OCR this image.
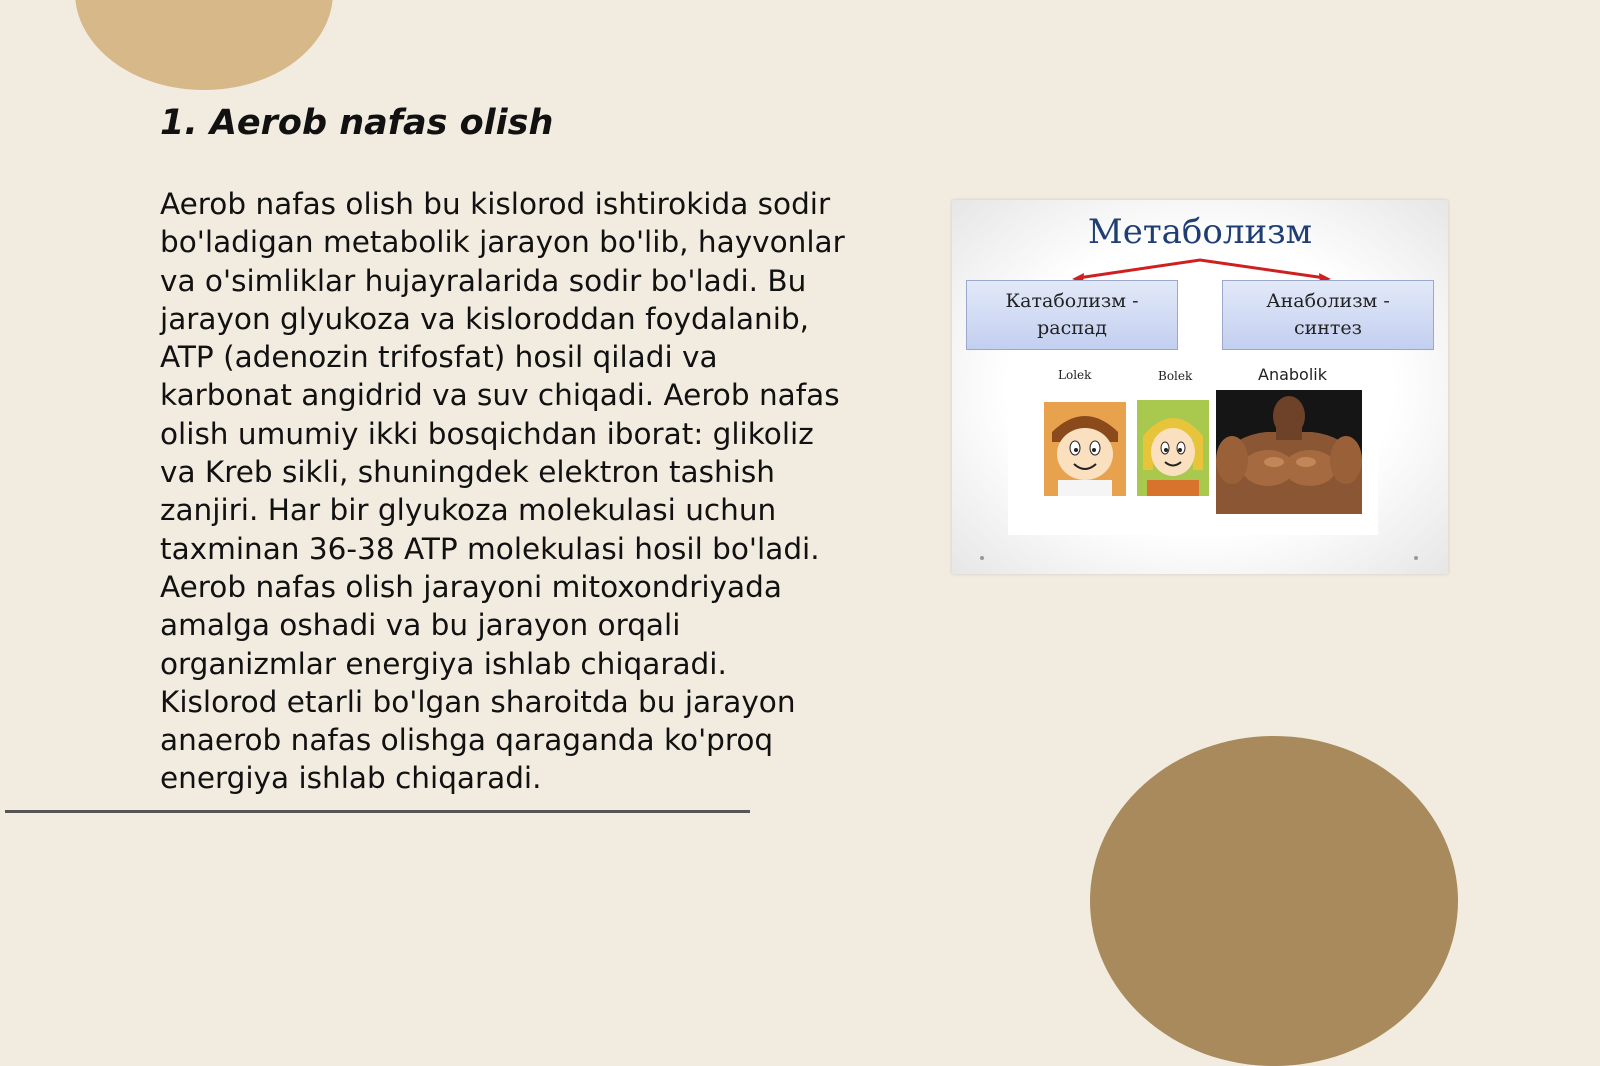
1. Aerob nafas olish

Aerob nafas olish bu kislorod ishtirokida sodir bo'ladigan metabolik jarayon bo'lib, hayvonlar va o'simliklar hujayralarida sodir bo'ladi. Bu jarayon glyukoza va kisloroddan foydalanib, ATP (adenozin trifosfat) hosil qiladi va karbonat angidrid va suv chiqadi. Aerob nafas olish umumiy ikki bosqichdan iborat: glikoliz va Kreb sikli, shuningdek elektron tashish zanjiri. Har bir glyukoza molekulasi uchun taxminan 36-38 ATP molekulasi hosil bo'ladi. Aerob nafas olish jarayoni mitoxondriyada amalga oshadi va bu jarayon orqali organizmlar energiya ishlab chiqaradi. Kislorod etarli bo'lgan sharoitda bu jarayon anaerob nafas olishga qaraganda ko'proq energiya ishlab chiqaradi.

Метаболизм
Катаболизм -
распад
Анаболизм -
синтез
Lolek	Bolek	Anabolik
